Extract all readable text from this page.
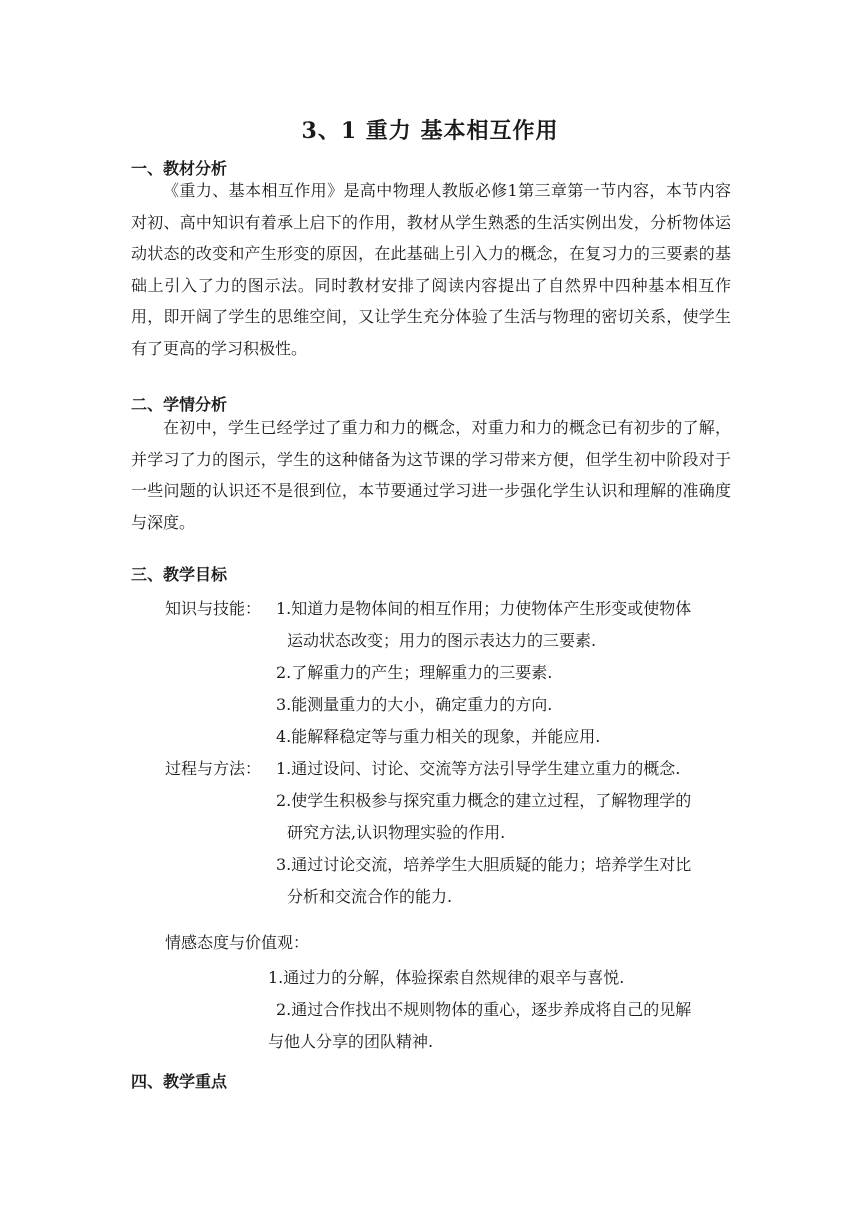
3、1 重力 基本相互作用
一、教材分析
《重力、基本相互作用》是高中物理人教版必修1第三章第一节内容，本节内容对初、高中知识有着承上启下的作用，教材从学生熟悉的生活实例出发，分析物体运动状态的改变和产生形变的原因，在此基础上引入力的概念，在复习力的三要素的基础上引入了力的图示法。同时教材安排了阅读内容提出了自然界中四种基本相互作用，即开阔了学生的思维空间，又让学生充分体验了生活与物理的密切关系，使学生有了更高的学习积极性。
二、学情分析
在初中，学生已经学过了重力和力的概念，对重力和力的概念已有初步的了解，并学习了力的图示，学生的这种储备为这节课的学习带来方便，但学生初中阶段对于一些问题的认识还不是很到位，本节要通过学习进一步强化学生认识和理解的准确度与深度。
三、教学目标
知识与技能： 1.知道力是物体间的相互作用；力使物体产生形变或使物体
运动状态改变；用力的图示表达力的三要素.
2.了解重力的产生；理解重力的三要素.
3.能测量重力的大小，确定重力的方向.
4.能解释稳定等与重力相关的现象，并能应用.
过程与方法： 1.通过设问、讨论、交流等方法引导学生建立重力的概念.
2.使学生积极参与探究重力概念的建立过程，了解物理学的
研究方法,认识物理实验的作用.
3.通过讨论交流，培养学生大胆质疑的能力；培养学生对比
分析和交流合作的能力.
情感态度与价值观：
1.通过力的分解，体验探索自然规律的艰辛与喜悦.
2.通过合作找出不规则物体的重心，逐步养成将自己的见解
与他人分享的团队精神.
四、教学重点
